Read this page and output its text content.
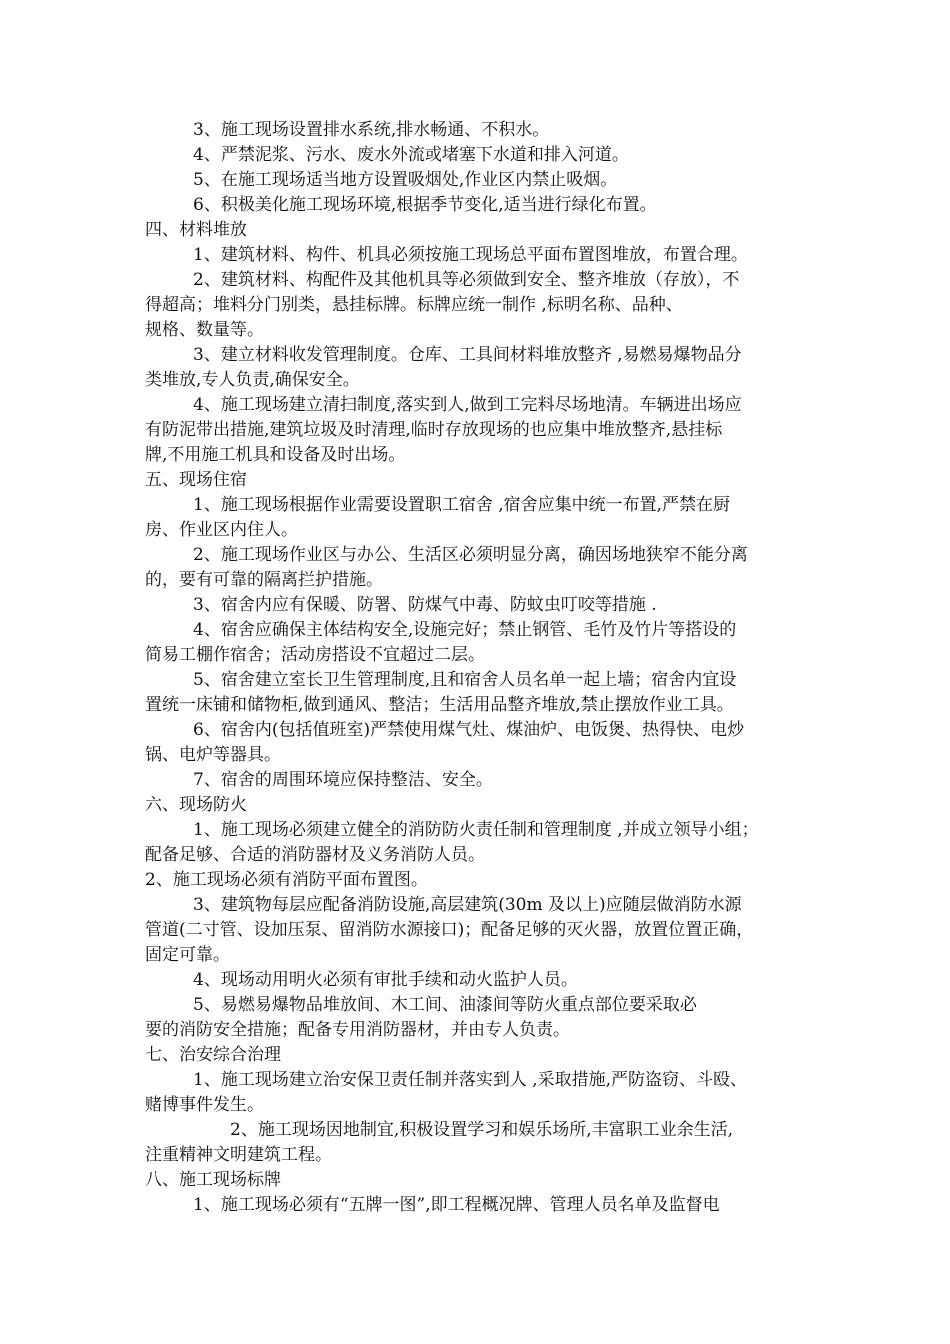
3、施工现场设置排水系统,排水畅通、不积水。
4、严禁泥浆、污水、废水外流或堵塞下水道和排入河道。
5、在施工现场适当地方设置吸烟处,作业区内禁止吸烟。
6、积极美化施工现场环境,根据季节变化,适当进行绿化布置。
四、材料堆放
1、建筑材料、构件、机具必须按施工现场总平面布置图堆放，布置合理。
2、建筑材料、构配件及其他机具等必须做到安全、整齐堆放（存放），不
得超高；堆料分门别类，悬挂标牌。标牌应统一制作 ,标明名称、品种、
规格、数量等。
3、建立材料收发管理制度。仓库、工具间材料堆放整齐 ,易燃易爆物品分
类堆放,专人负责,确保安全。
4、施工现场建立清扫制度,落实到人,做到工完料尽场地清。车辆进出场应
有防泥带出措施,建筑垃圾及时清理,临时存放现场的也应集中堆放整齐,悬挂标
牌,不用施工机具和设备及时出场。
五、现场住宿
1、施工现场根据作业需要设置职工宿舍 ,宿舍应集中统一布置,严禁在厨
房、作业区内住人。
2、施工现场作业区与办公、生活区必须明显分离，确因场地狭窄不能分离
的，要有可靠的隔离拦护措施。
3、宿舍内应有保暖、防署、防煤气中毒、防蚊虫叮咬等措施 .
4、宿舍应确保主体结构安全,设施完好；禁止钢管、毛竹及竹片等搭设的
简易工棚作宿舍；活动房搭设不宜超过二层。
5、宿舍建立室长卫生管理制度,且和宿舍人员名单一起上墙；宿舍内宜设
置统一床铺和储物柜,做到通风、整洁；生活用品整齐堆放,禁止摆放作业工具。
6、宿舍内(包括值班室)严禁使用煤气灶、煤油炉、电饭煲、热得快、电炒
锅、电炉等器具。
7、宿舍的周围环境应保持整洁、安全。
六、现场防火
1、施工现场必须建立健全的消防防火责任制和管理制度 ,并成立领导小组；
配备足够、合适的消防器材及义务消防人员。
2、施工现场必须有消防平面布置图。
3、建筑物每层应配备消防设施,高层建筑(30m 及以上)应随层做消防水源
管道(二寸管、设加压泵、留消防水源接口)；配备足够的灭火器，放置位置正确，
固定可靠。
4、现场动用明火必须有审批手续和动火监护人员。
5、易燃易爆物品堆放间、木工间、油漆间等防火重点部位要采取必
要的消防安全措施；配备专用消防器材，并由专人负责。
七、治安综合治理
1、施工现场建立治安保卫责任制并落实到人 ,采取措施,严防盗窃、斗殴、
赌博事件发生。
2、施工现场因地制宜,积极设置学习和娱乐场所,丰富职工业余生活,
注重精神文明建筑工程。
八、施工现场标牌
1、施工现场必须有“五牌一图”,即工程概况牌、管理人员名单及监督电
